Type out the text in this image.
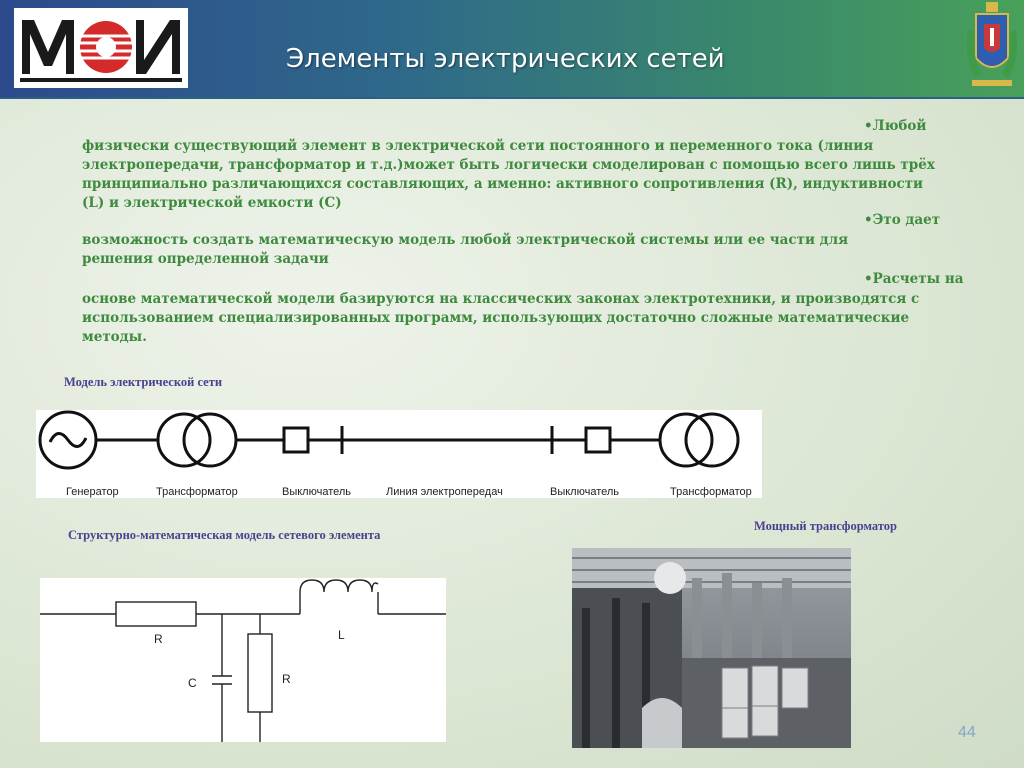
Элементы электрических сетей
•Любой
физически существующий элемент в электрической сети постоянного и переменного тока (линия электропередачи, трансформатор и т.д.)может быть логически смоделирован с помощью всего лишь трёх принципиально различающихся составляющих, а именно: активного сопротивления (R), индуктивности (L) и электрической емкости (C)
•Это дает
возможность создать математическую модель любой электрической системы или ее части для решения определенной задачи
•Расчеты на
основе математической модели базируются на классических законах электротехники, и производятся с использованием специализированных программ, использующих достаточно сложные математические методы.
Модель электрической сети
Генератор	Трансформатор	Выключатель	Линия электропередач	Выключатель	Трансформатор
Структурно-математическая модель сетевого элемента
R	L
C	R
Мощный трансформатор
44
